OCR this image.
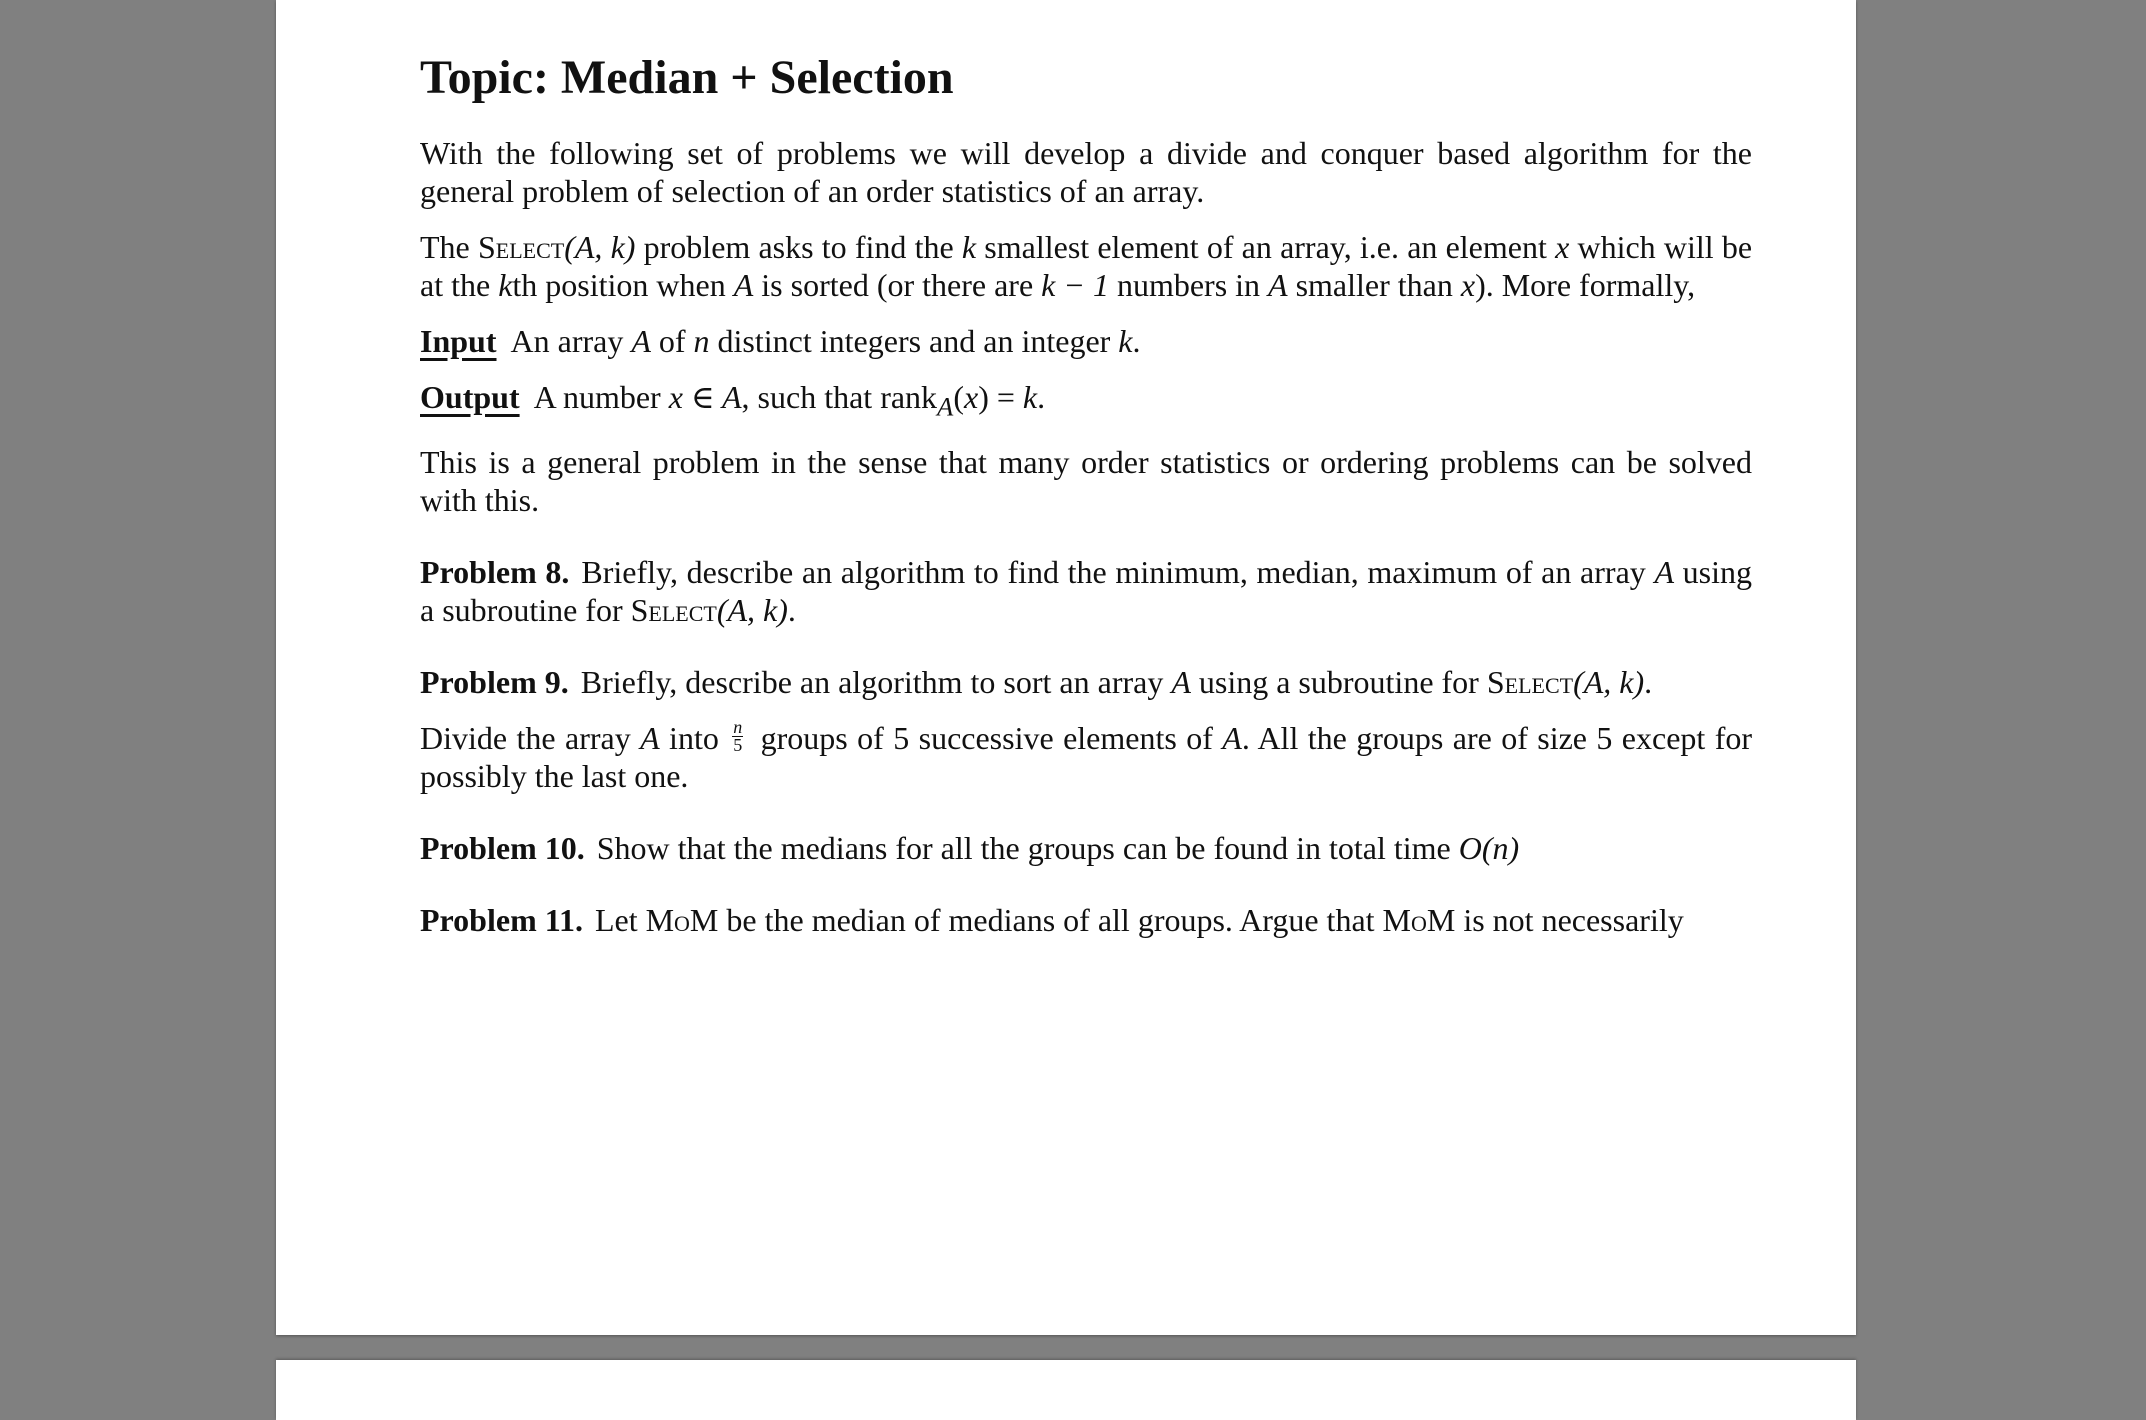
Topic: Median + Selection

With the following set of problems we will develop a divide and conquer based algorithm for the general problem of selection of an order statistics of an array.

The Select(A, k) problem asks to find the k smallest element of an array, i.e. an element x which will be at the kth position when A is sorted (or there are k − 1 numbers in A smaller than x). More formally,

Input An array A of n distinct integers and an integer k.

Output A number x ∈ A, such that rank$_A$(x) = k.

This is a general problem in the sense that many order statistics or ordering problems can be solved with this.

Problem 8. Briefly, describe an algorithm to find the minimum, median, maximum of an array A using a subroutine for Select(A, k).

Problem 9. Briefly, describe an algorithm to sort an array A using a subroutine for Select(A, k).

Divide the array A into $\frac{n}{5}$ groups of 5 successive elements of A. All the groups are of size 5 except for possibly the last one.

Problem 10. Show that the medians for all the groups can be found in total time O(n)

Problem 11. Let MoM be the median of medians of all groups. Argue that MoM is not necessarily
